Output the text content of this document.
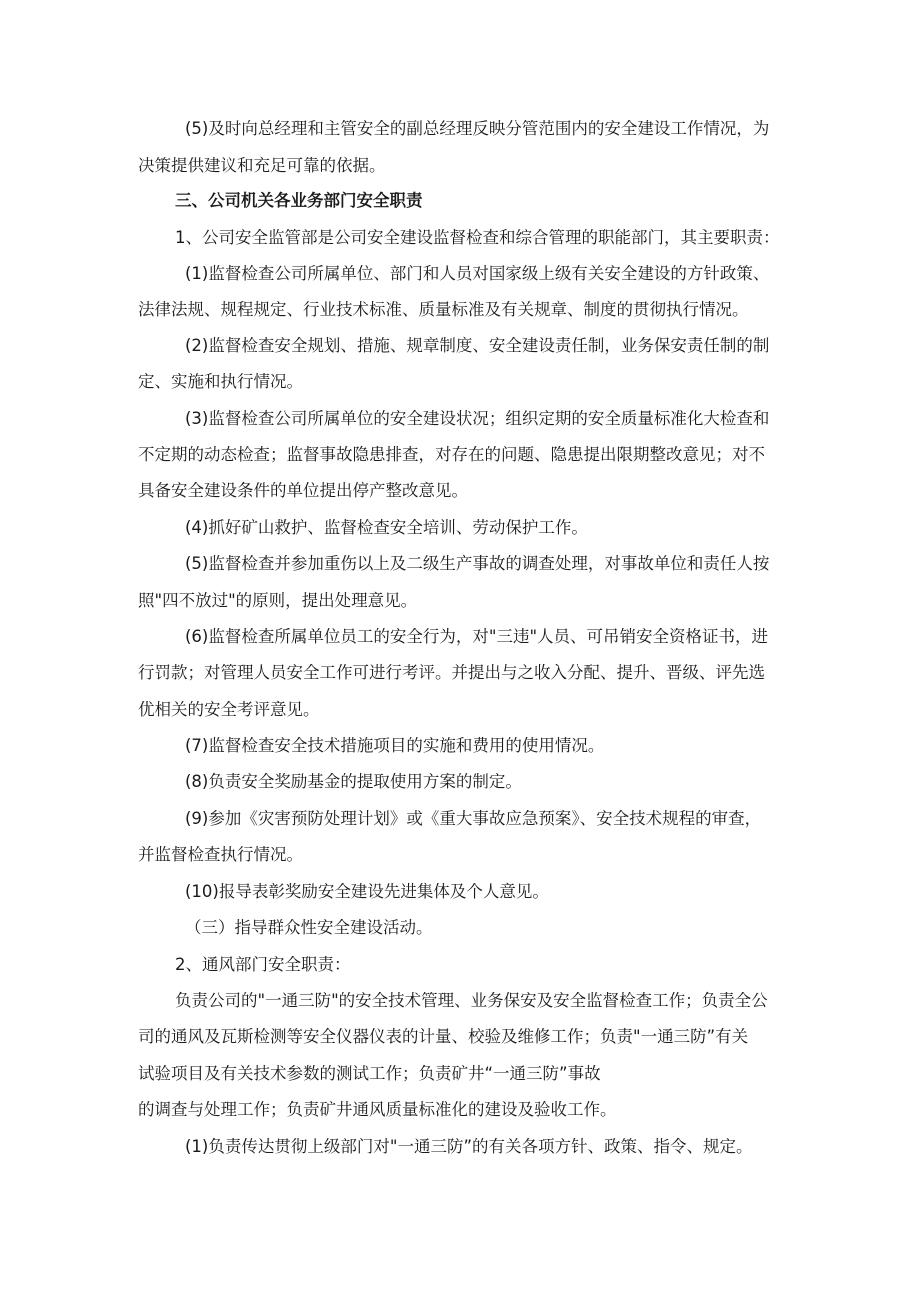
(5)及时向总经理和主管安全的副总经理反映分管范围内的安全建设工作情况，为
决策提供建议和充足可靠的依据。
三、公司机关各业务部门安全职责
1、公司安全监管部是公司安全建设监督检查和综合管理的职能部门，其主要职责：
(1)监督检查公司所属单位、部门和人员对国家级上级有关安全建设的方针政策、
法律法规、规程规定、行业技术标准、质量标准及有关规章、制度的贯彻执行情况。
(2)监督检查安全规划、措施、规章制度、安全建设责任制，业务保安责任制的制
定、实施和执行情况。
(3)监督检查公司所属单位的安全建设状况；组织定期的安全质量标准化大检查和
不定期的动态检查；监督事故隐患排查，对存在的问题、隐患提出限期整改意见；对不
具备安全建设条件的单位提出停产整改意见。
(4)抓好矿山救护、监督检查安全培训、劳动保护工作。
(5)监督检查并参加重伤以上及二级生产事故的调查处理，对事故单位和责任人按
照"四不放过"的原则，提出处理意见。
(6)监督检查所属单位员工的安全行为，对"三违"人员、可吊销安全资格证书，进
行罚款；对管理人员安全工作可进行考评。并提出与之收入分配、提升、晋级、评先选
优相关的安全考评意见。
(7)监督检查安全技术措施项目的实施和费用的使用情况。
(8)负责安全奖励基金的提取使用方案的制定。
(9)参加《灾害预防处理计划》或《重大事故应急预案》、安全技术规程的审查，
并监督检查执行情况。
(10)报导表彰奖励安全建设先进集体及个人意见。
（三）指导群众性安全建设活动。
2、通风部门安全职责：
负责公司的"一通三防"的安全技术管理、业务保安及安全监督检查工作；负责全公
司的通风及瓦斯检测等安全仪器仪表的计量、校验及维修工作；负责"一通三防”有关
试验项目及有关技术参数的测试工作；负责矿井“一通三防”事故
的调查与处理工作；负责矿井通风质量标准化的建设及验收工作。
(1)负责传达贯彻上级部门对"一通三防”的有关各项方针、政策、指令、规定。
